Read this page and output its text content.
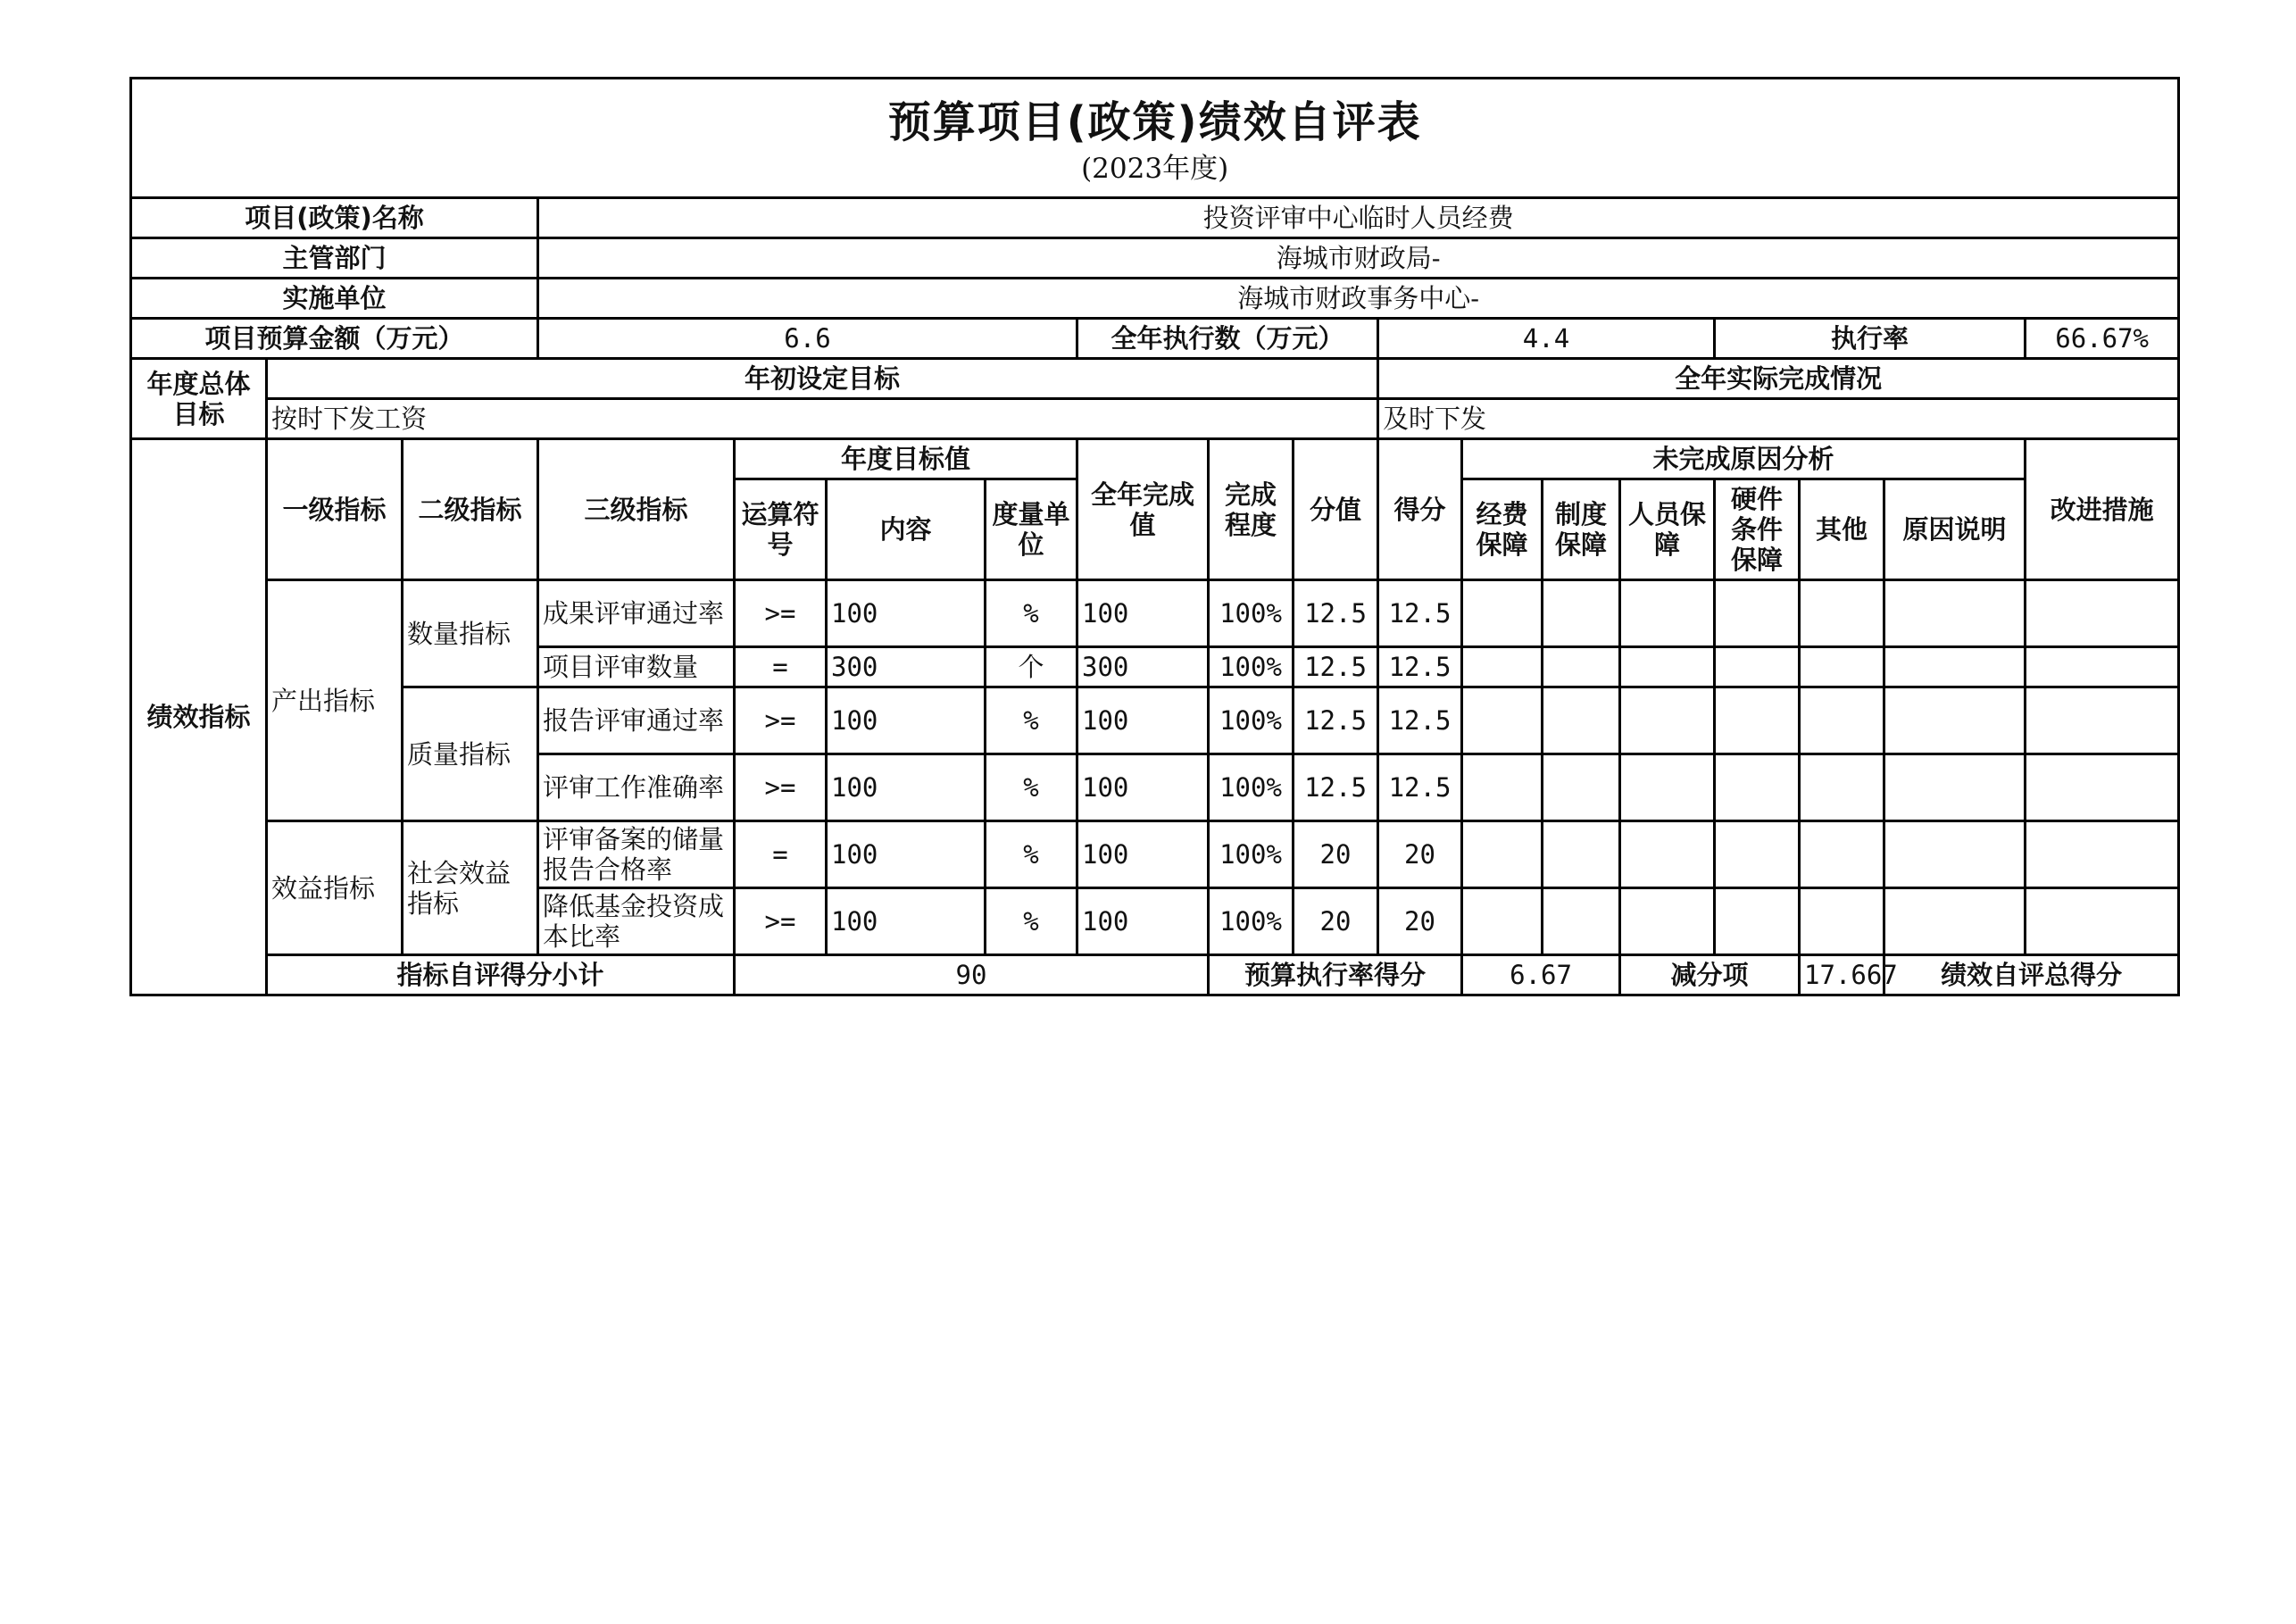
预算项目(政策)绩效自评表
(2023年度)																		

项目(政策)名称			投资评审中心临时人员经费															
主管部门			海城市财政局-															
实施单位			海城市财政事务中心-															
项目预算金额（万元）			6.6				全年执行数（万元）			4.4				执行率			66.67%	
年度总体目标	年初设定目标									全年实际完成情况								
	按时下发工资									及时下发								
绩效指标	一级指标	二级指标	三级指标	年度目标值			全年完成值	完成程度	分值	得分	未完成原因分析						改进措施	
				运算符号	内容	度量单位					经费保障	制度保障	人员保障	硬件条件保障	其他	原因说明		
	产出指标	数量指标	成果评审通过率	>=	100	%	100	100%	12.5	12.5								
			项目评审数量	=	300	个	300	100%	12.5	12.5								
		质量指标	报告评审通过率	>=	100	%	100	100%	12.5	12.5								
			评审工作准确率	>=	100	%	100	100%	12.5	12.5								
	效益指标	社会效益指标	评审备案的储量报告合格率	=	100	%	100	100%	20	20								
			降低基金投资成本比率	>=	100	%	100	100%	20	20								
	指标自评得分小计			90				预算执行率得分			6.67		减分项		17.667	绩效自评总得分	
